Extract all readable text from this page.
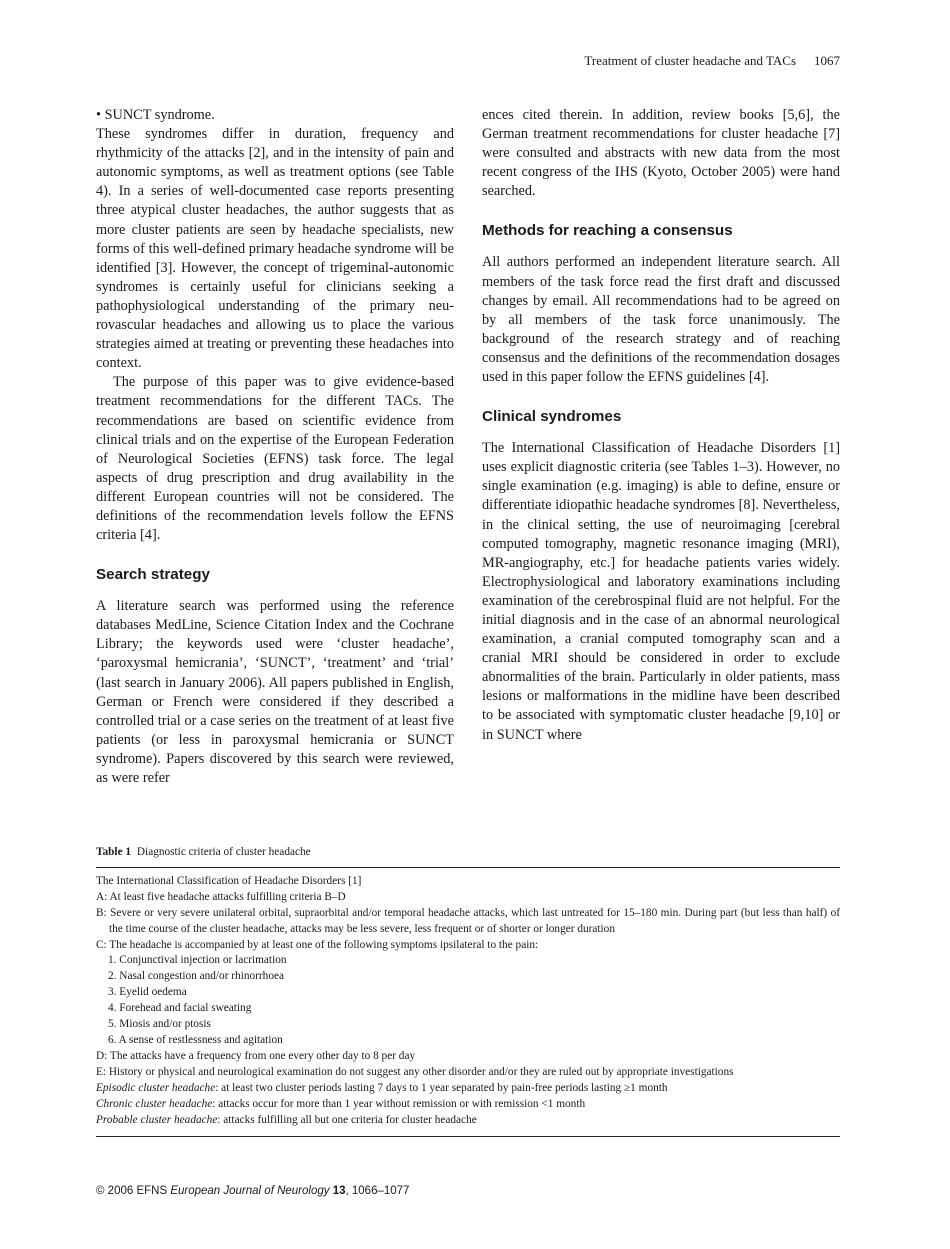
Treatment of cluster headache and TACs 1067

• SUNCT syndrome.

These syndromes differ in duration, frequency and rhythmicity of the attacks [2], and in the intensity of pain and autonomic symptoms, as well as treatment options (see Table 4). In a series of well-documented case reports presenting three atypical cluster headaches, the author suggests that as more cluster patients are seen by headache specialists, new forms of this well-defined primary headache syndrome will be identified [3]. However, the concept of trigeminal-autonomic syndromes is certainly useful for clinicians seeking a pathophysiological understanding of the primary neurovascular headaches and allowing us to place the various strategies aimed at treating or preventing these headaches into context.

The purpose of this paper was to give evidence-based treatment recommendations for the different TACs. The recommendations are based on scientific evidence from clinical trials and on the expertise of the European Federation of Neurological Societies (EFNS) task force. The legal aspects of drug prescription and drug availability in the different European countries will not be considered. The definitions of the recommendation levels follow the EFNS criteria [4].

Search strategy

A literature search was performed using the reference databases MedLine, Science Citation Index and the Cochrane Library; the keywords used were ‘cluster headache’, ‘paroxysmal hemicrania’, ‘SUNCT’, ‘treatment’ and ‘trial’ (last search in January 2006). All papers published in English, German or French were considered if they described a controlled trial or a case series on the treatment of at least five patients (or less in paroxysmal hemicrania or SUNCT syndrome). Papers discovered by this search were reviewed, as were refer

ences cited therein. In addition, review books [5,6], the German treatment recommendations for cluster headache [7] were consulted and abstracts with new data from the most recent congress of the IHS (Kyoto, October 2005) were hand searched.

Methods for reaching a consensus

All authors performed an independent literature search. All members of the task force read the first draft and discussed changes by email. All recommendations had to be agreed on by all members of the task force unanimously. The background of the research strategy and of reaching consensus and the definitions of the recommendation dosages used in this paper follow the EFNS guidelines [4].

Clinical syndromes

The International Classification of Headache Disorders [1] uses explicit diagnostic criteria (see Tables 1–3). However, no single examination (e.g. imaging) is able to define, ensure or differentiate idiopathic headache syndromes [8]. Nevertheless, in the clinical setting, the use of neuroimaging [cerebral computed tomography, magnetic resonance imaging (MRI), MR-angiography, etc.] for headache patients varies widely. Electrophysiological and laboratory examinations including examination of the cerebrospinal fluid are not helpful. For the initial diagnosis and in the case of an abnormal neurological examination, a cranial computed tomography scan and a cranial MRI should be considered in order to exclude abnormalities of the brain. Particularly in older patients, mass lesions or malformations in the midline have been described to be associated with symptomatic cluster headache [9,10] or in SUNCT where

Table 1 Diagnostic criteria of cluster headache
The International Classification of Headache Disorders [1]
A: At least five headache attacks fulfilling criteria B–D
B: Severe or very severe unilateral orbital, supraorbital and/or temporal headache attacks, which last untreated for 15–180 min. During part (but less than half) of the time course of the cluster headache, attacks may be less severe, less frequent or of shorter or longer duration
C: The headache is accompanied by at least one of the following symptoms ipsilateral to the pain:
1. Conjunctival injection or lacrimation
2. Nasal congestion and/or rhinorrhoea
3. Eyelid oedema
4. Forehead and facial sweating
5. Miosis and/or ptosis
6. A sense of restlessness and agitation
D: The attacks have a frequency from one every other day to 8 per day
E: History or physical and neurological examination do not suggest any other disorder and/or they are ruled out by appropriate investigations
Episodic cluster headache: at least two cluster periods lasting 7 days to 1 year separated by pain-free periods lasting ≥1 month
Chronic cluster headache: attacks occur for more than 1 year without remission or with remission <1 month
Probable cluster headache: attacks fulfilling all but one criteria for cluster headache
© 2006 EFNS European Journal of Neurology 13, 1066–1077
